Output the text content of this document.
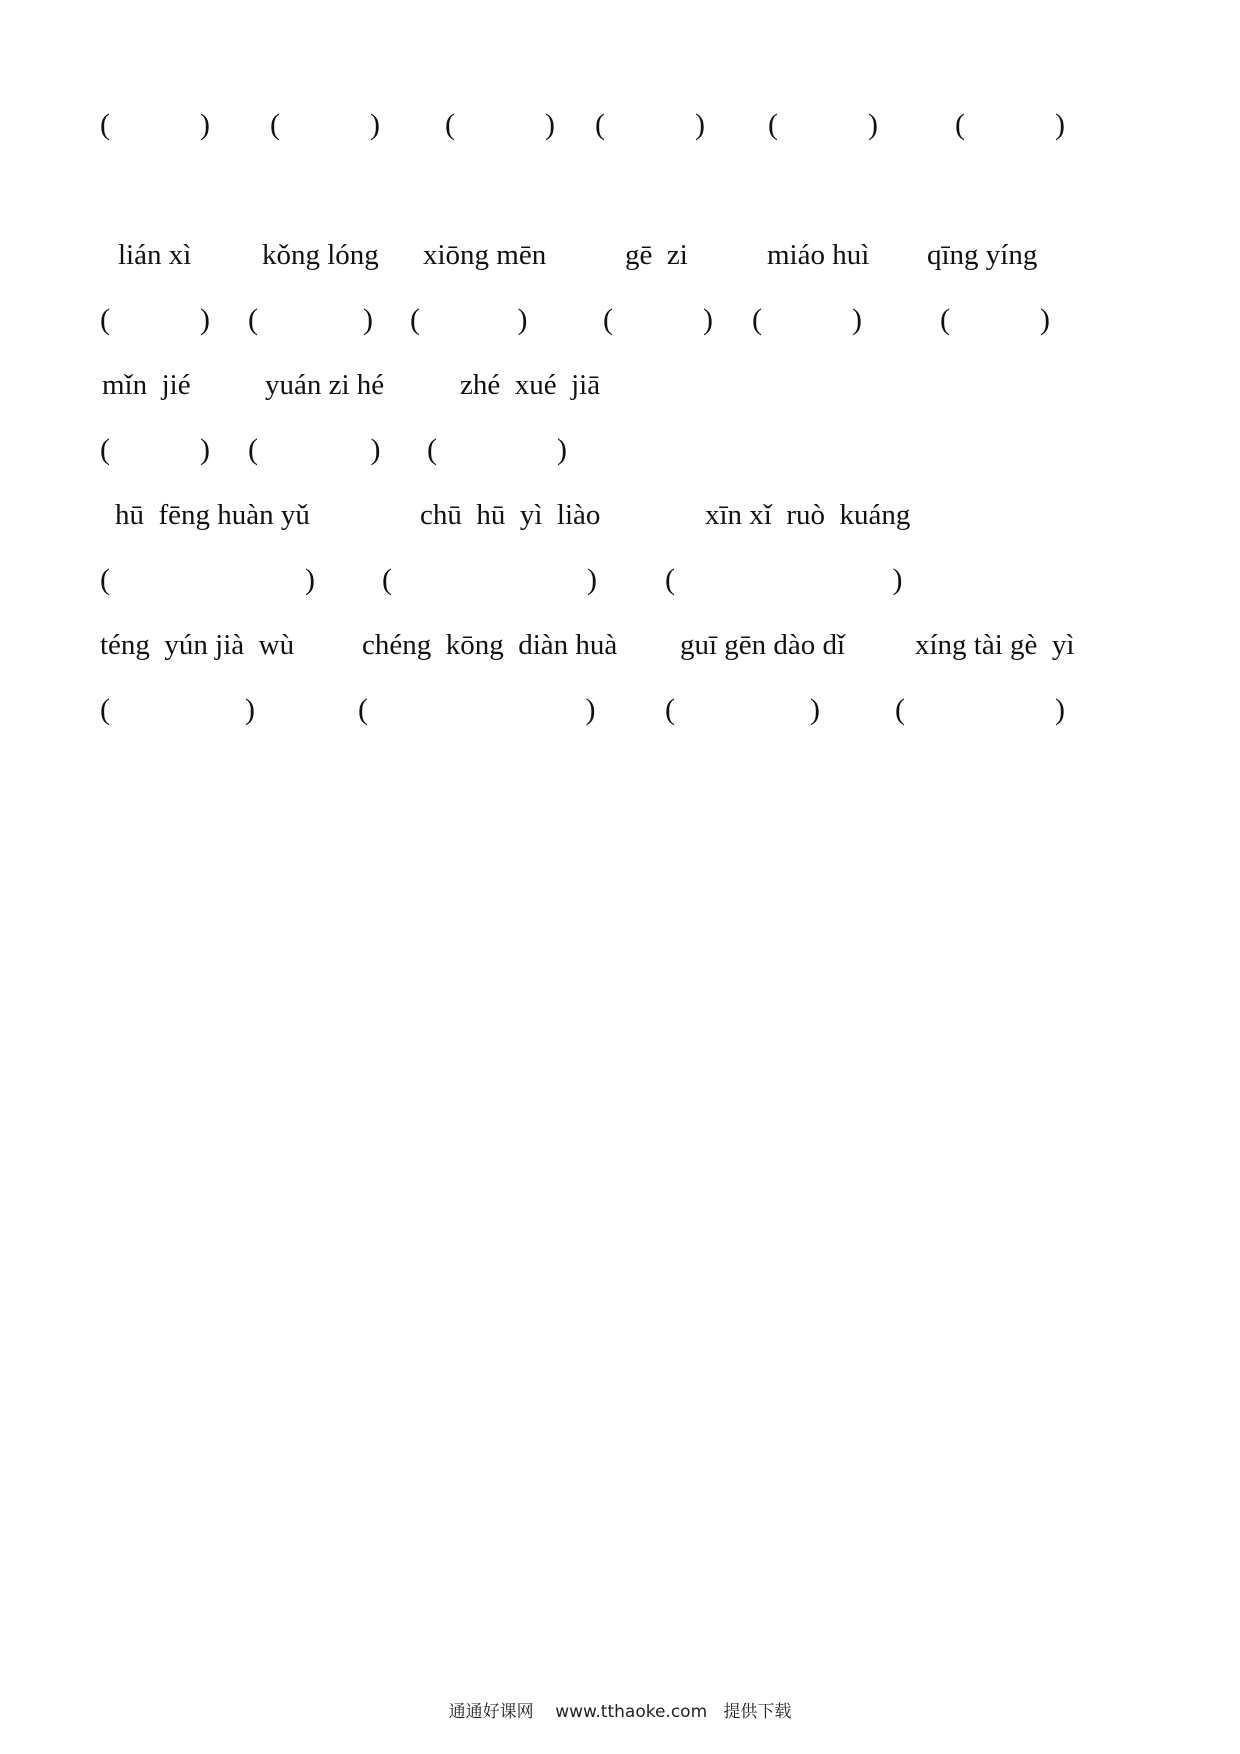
(            ) (            ) (            ) (            ) (            )	(            )
lián xì kǒng lóng xiōng mēn	gē  zi	miáo huì qīng yíng
(            ) (              ) (             )	(            ) (            )	(            )
mǐn  jié	yuán zi hé	zhé  xué  jiā
(            ) (               ) (                )
hū  fēng huàn yǔ	chū  hū  yì  liào	xīn xǐ  ruò  kuáng
(                          ) (                          ) (                             )
téng  yún jià  wù chéng  kōng  diàn huà guī gēn dào dǐ xíng tài gè  yì
(                  )	(                             ) (                  )	(                    )
通通好课网 www.tthaoke.com 提供下载
